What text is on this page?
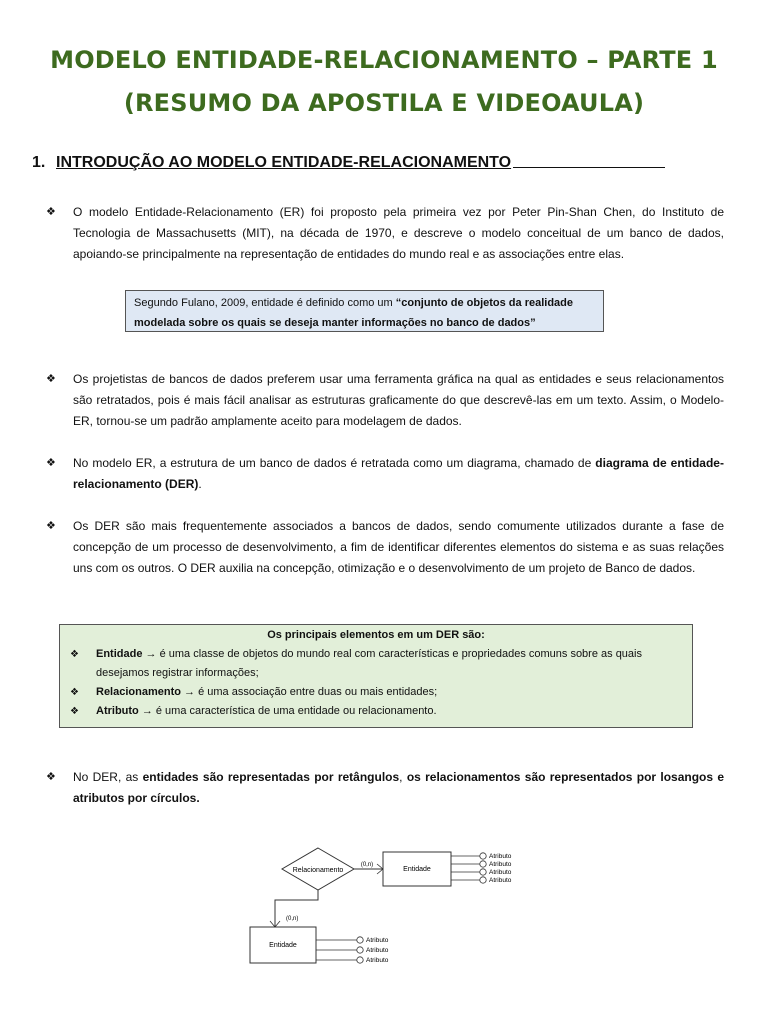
MODELO ENTIDADE-RELACIONAMENTO – PARTE 1
(RESUMO DA APOSTILA E VIDEOAULA)
1. INTRODUÇÃO AO MODELO ENTIDADE-RELACIONAMENTO
❖	O modelo Entidade-Relacionamento (ER) foi proposto pela primeira vez por Peter Pin-Shan Chen, do Instituto de Tecnologia de Massachusetts (MIT), na década de 1970, e descreve o modelo conceitual de um banco de dados, apoiando-se principalmente na representação de entidades do mundo real e as associações entre elas.
Segundo Fulano, 2009, entidade é definido como um “conjunto de objetos da realidade modelada sobre os quais se deseja manter informações no banco de dados”
❖	Os projetistas de bancos de dados preferem usar uma ferramenta gráfica na qual as entidades e seus relacionamentos são retratados, pois é mais fácil analisar as estruturas graficamente do que descrevê-las em um texto. Assim, o Modelo-ER, tornou-se um padrão amplamente aceito para modelagem de dados.
❖	No modelo ER, a estrutura de um banco de dados é retratada como um diagrama, chamado de diagrama de entidade-relacionamento (DER).
❖	Os DER são mais frequentemente associados a bancos de dados, sendo comumente utilizados durante a fase de concepção de um processo de desenvolvimento, a fim de identificar diferentes elementos do sistema e as suas relações uns com os outros. O DER auxilia na concepção, otimização e o desenvolvimento de um projeto de Banco de dados.
Os principais elementos em um DER são:
❖ Entidade → é uma classe de objetos do mundo real com características e propriedades comuns sobre as quais desejamos registrar informações;
❖ Relacionamento → é uma associação entre duas ou mais entidades;
❖ Atributo → é uma característica de uma entidade ou relacionamento.
❖	No DER, as entidades são representadas por retângulos, os relacionamentos são representados por losangos e atributos por círculos.
Relacionamento	Entidade
(0,n)
Atributo
Atributo
Atributo
Atributo
(0,n)
Entidade
Atributo
Atributo
Atributo
